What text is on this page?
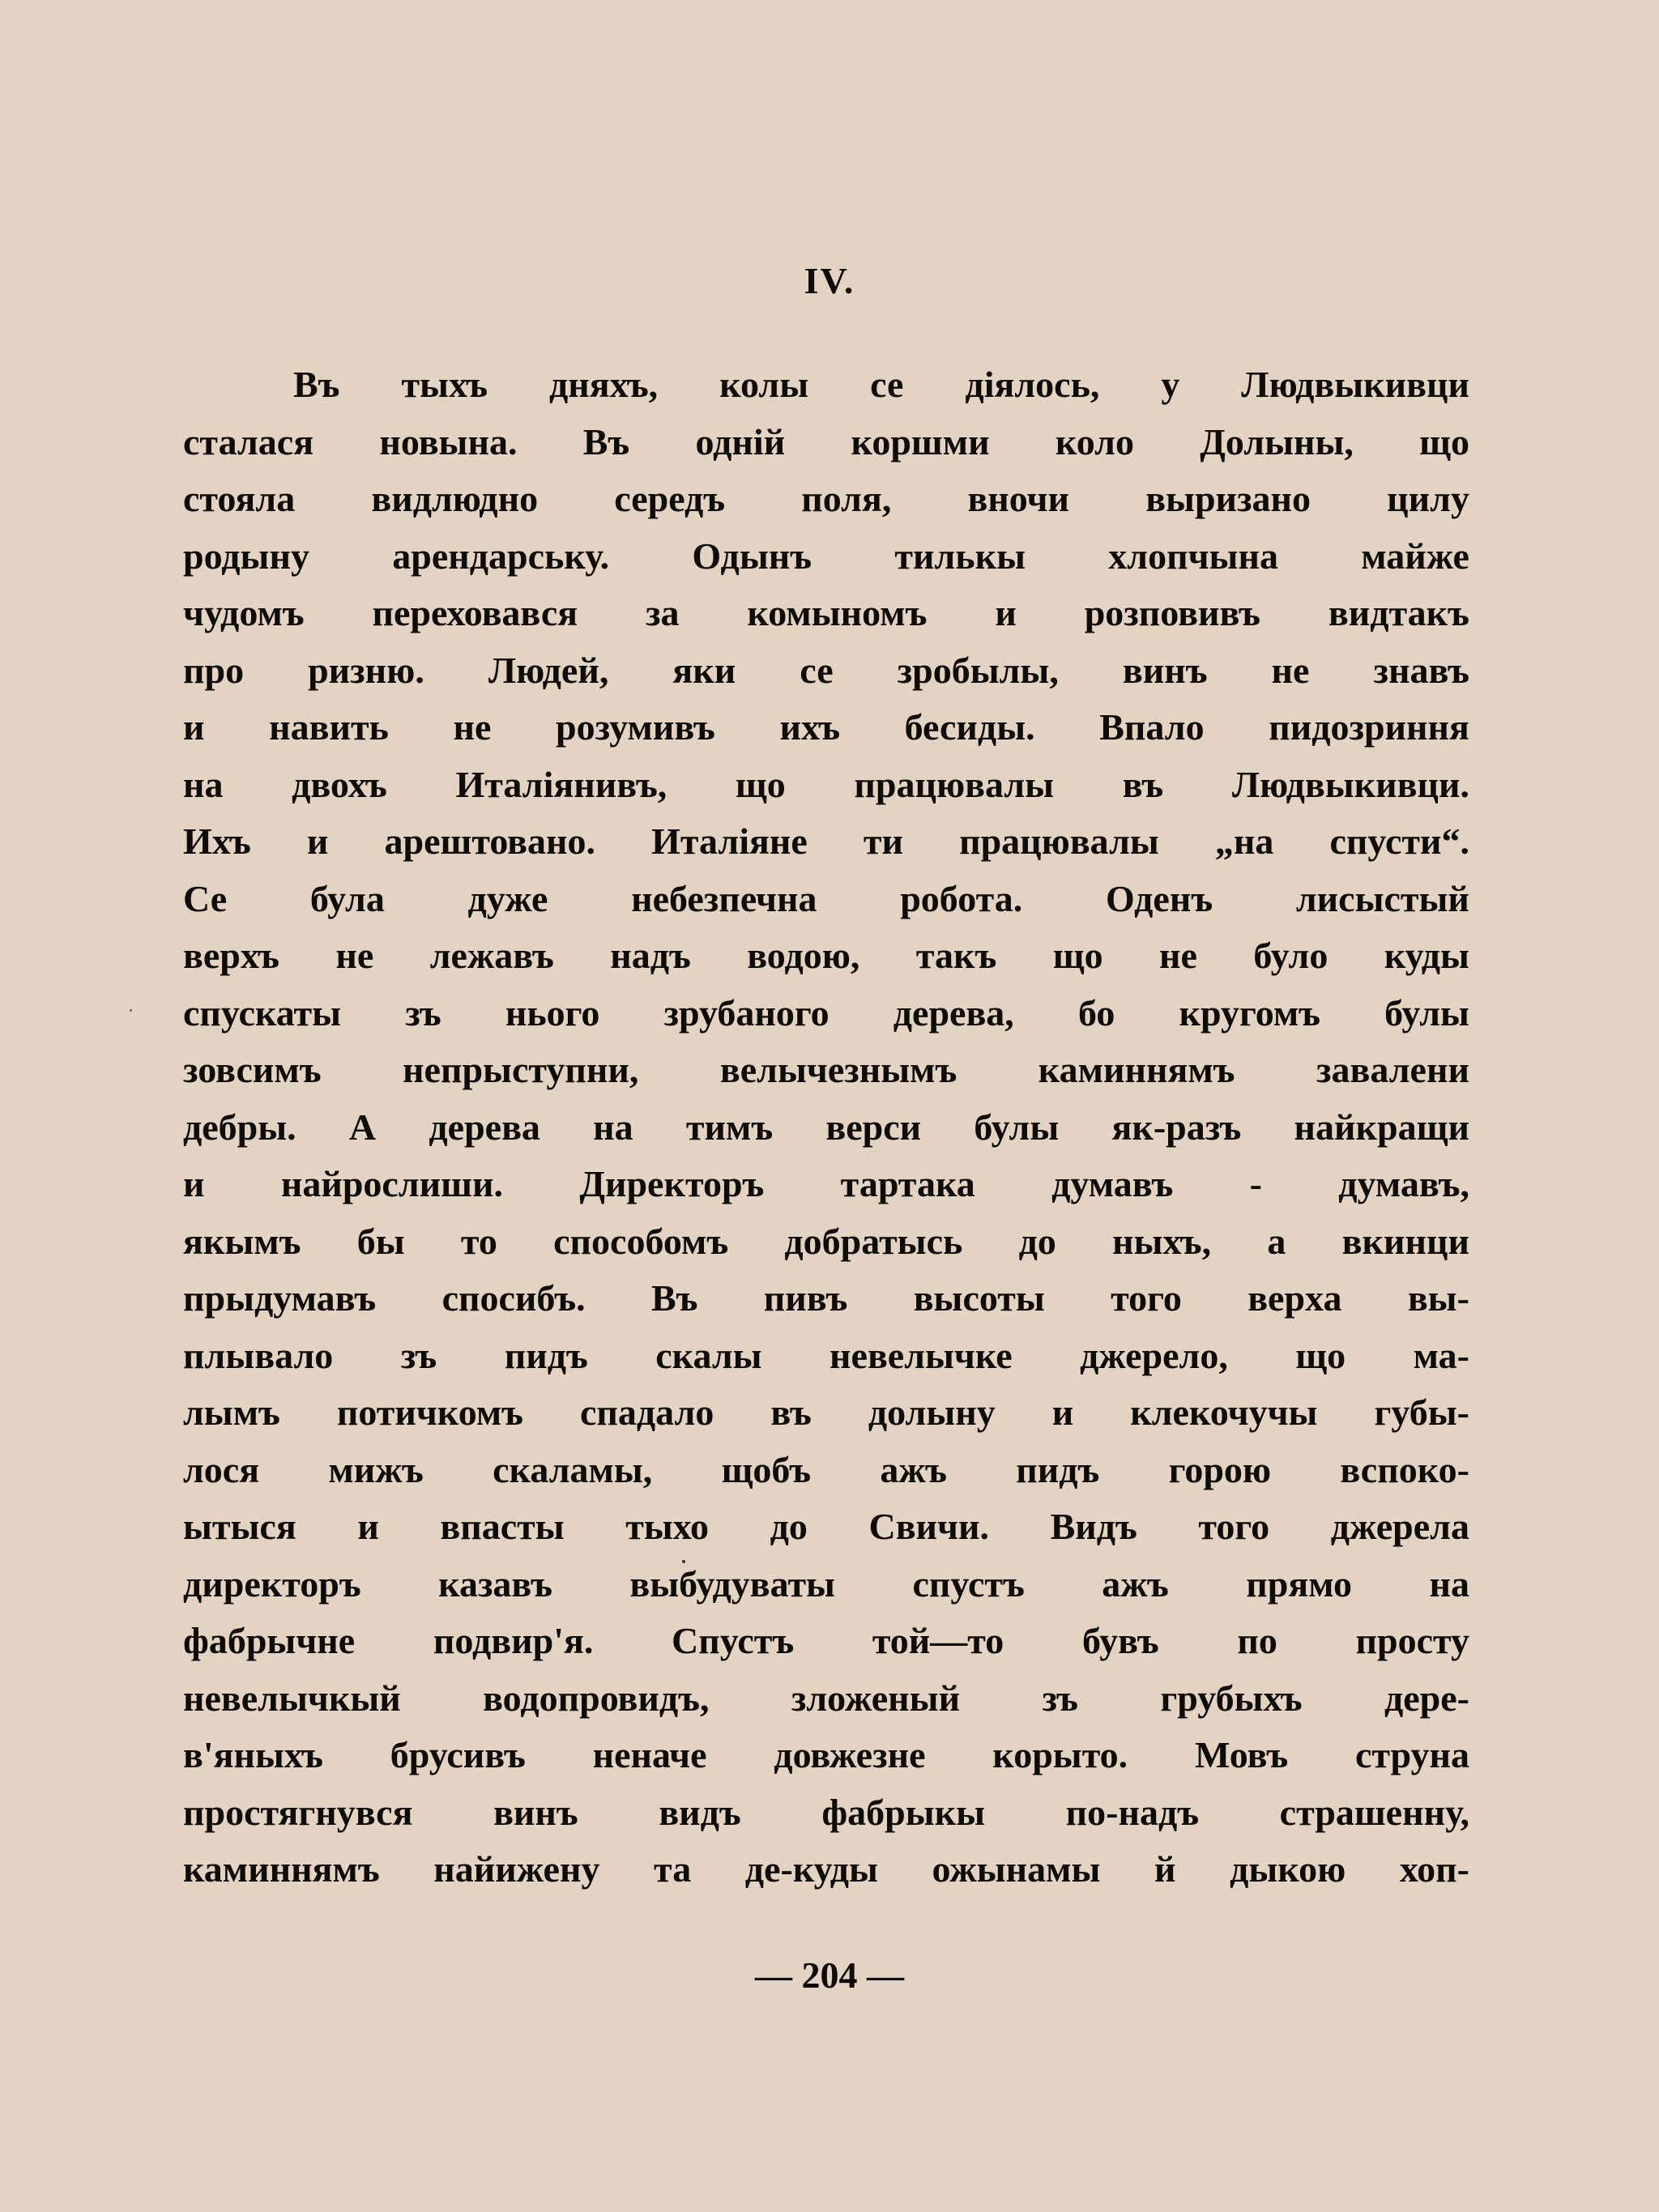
IV.
Въ тыхъ дняхъ, колы се діялось, у Людвыкивци
сталася новына. Въ одній коршми коло Долыны, що
стояла видлюдно середъ поля, вночи выризано цилу
родыну арендарську. Одынъ тилькы хлопчына майже
чудомъ переховався за комыномъ и розповивъ видтакъ
про ризню. Людей, яки се зробылы, винъ не знавъ
и навить не розумивъ ихъ бесиды. Впало пидозриння
на двохъ Италіянивъ, що працювалы въ Людвыкивци.
Ихъ и арештовано. Италіяне ти працювалы „на спусти“.
Се була дуже небезпечна робота. Оденъ лисыстый
верхъ не лежавъ надъ водою, такъ що не було куды
спускаты зъ нього зрубаного дерева, бо кругомъ булы
зовсимъ непрыступни, велычезнымъ каминнямъ завалени
дебры. А дерева на тимъ верси булы як-разъ найкращи
и найрослиши. Директоръ тартака думавъ - думавъ,
якымъ бы то способомъ добратысь до ныхъ, а вкинци
прыдумавъ спосибъ. Въ пивъ высоты того верха вы-
плывало зъ пидъ скалы невелычке джерело, що ма-
лымъ потичкомъ спадало въ долыну и клекочучы губы-
лося мижъ скаламы, щобъ ажъ пидъ горою вспоко-
ытыся и впасты тыхо до Свичи. Видъ того джерела
директоръ казавъ выбудуваты спустъ ажъ прямо на
фабрычне подвир'я. Спустъ той—то бувъ по просту
невелычкый водопровидъ, зложеный зъ грубыхъ дере-
в'яныхъ брусивъ неначе довжезне корыто. Мовъ струна
простягнувся винъ видъ фабрыкы по-надъ страшенну,
каминнямъ найижену та де-куды ожынамы й дыкою хоп-
— 204 —
